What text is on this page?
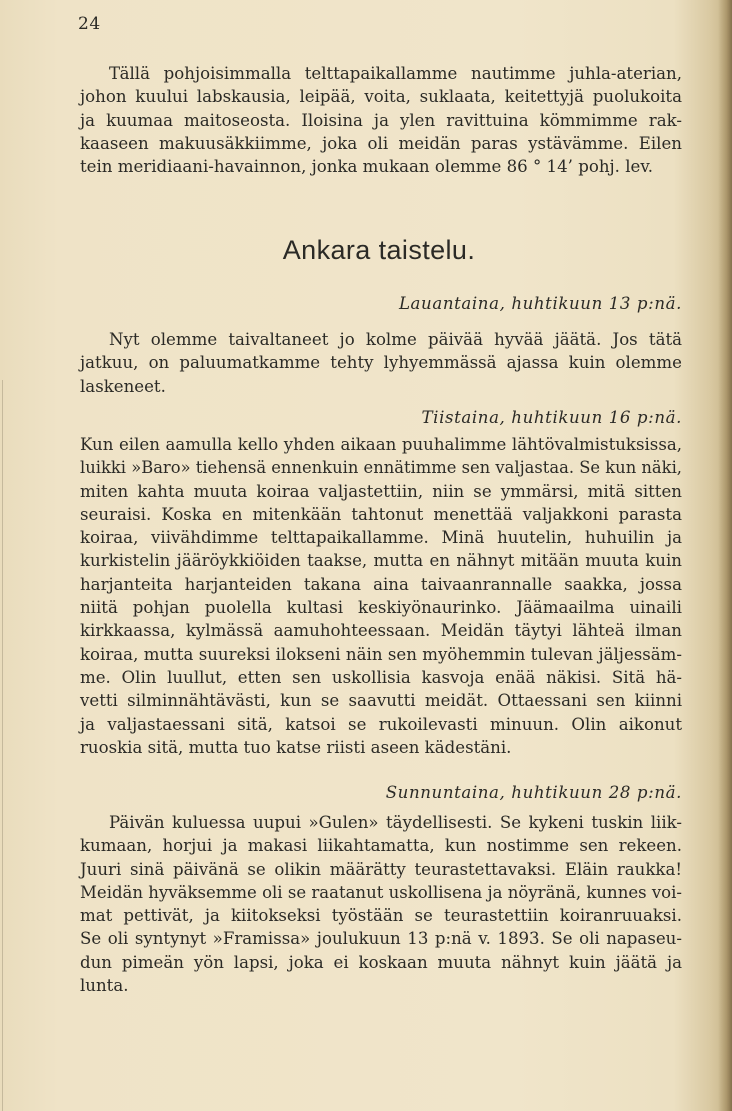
24
Tällä pohjoisimmalla telttapaikallamme nautimme juhla-aterian,
johon kuului labskausia, leipää, voita, suklaata, keitettyjä puolukoita
ja kuumaa maitoseosta. Iloisina ja ylen ravittuina kömmimme rak-
kaaseen makuusäkkiimme, joka oli meidän paras ystävämme. Eilen
tein meridiaani-havainnon, jonka mukaan olemme 86 ° 14’ pohj. lev.
Ankara taistelu.
Lauantaina, huhtikuun 13 p:nä.
Nyt olemme taivaltaneet jo kolme päivää hyvää jäätä. Jos tätä
jatkuu, on paluumatkamme tehty lyhyemmässä ajassa kuin olemme
laskeneet.
Tiistaina, huhtikuun 16 p:nä.
Kun eilen aamulla kello yhden aikaan puuhalimme lähtövalmistuksissa,
luikki »Baro» tiehensä ennenkuin ennätimme sen valjastaa. Se kun näki,
miten kahta muuta koiraa valjastettiin, niin se ymmärsi, mitä sitten
seuraisi. Koska en mitenkään tahtonut menettää valjakkoni parasta
koiraa, viivähdimme telttapaikallamme. Minä huutelin, huhuilin ja
kurkistelin jääröykkiöiden taakse, mutta en nähnyt mitään muuta kuin
harjanteita harjanteiden takana aina taivaanrannalle saakka, jossa
niitä pohjan puolella kultasi keskiyönaurinko. Jäämaailma uinaili
kirkkaassa, kylmässä aamuhohteessaan. Meidän täytyi lähteä ilman
koiraa, mutta suureksi ilokseni näin sen myöhemmin tulevan jäljessäm-
me. Olin luullut, etten sen uskollisia kasvoja enää näkisi. Sitä hä-
vetti silminnähtävästi, kun se saavutti meidät. Ottaessani sen kiinni
ja valjastaessani sitä, katsoi se rukoilevasti minuun. Olin aikonut
ruoskia sitä, mutta tuo katse riisti aseen kädestäni.
Sunnuntaina, huhtikuun 28 p:nä.
Päivän kuluessa uupui »Gulen» täydellisesti. Se kykeni tuskin liik-
kumaan, horjui ja makasi liikahtamatta, kun nostimme sen rekeen.
Juuri sinä päivänä se olikin määrätty teurastettavaksi. Eläin raukka!
Meidän hyväksemme oli se raatanut uskollisena ja nöyränä, kunnes voi-
mat pettivät, ja kiitokseksi työstään se teurastettiin koiranruuaksi.
Se oli syntynyt »Framissa» joulukuun 13 p:nä v. 1893. Se oli napaseu-
dun pimeän yön lapsi, joka ei koskaan muuta nähnyt kuin jäätä ja
lunta.
